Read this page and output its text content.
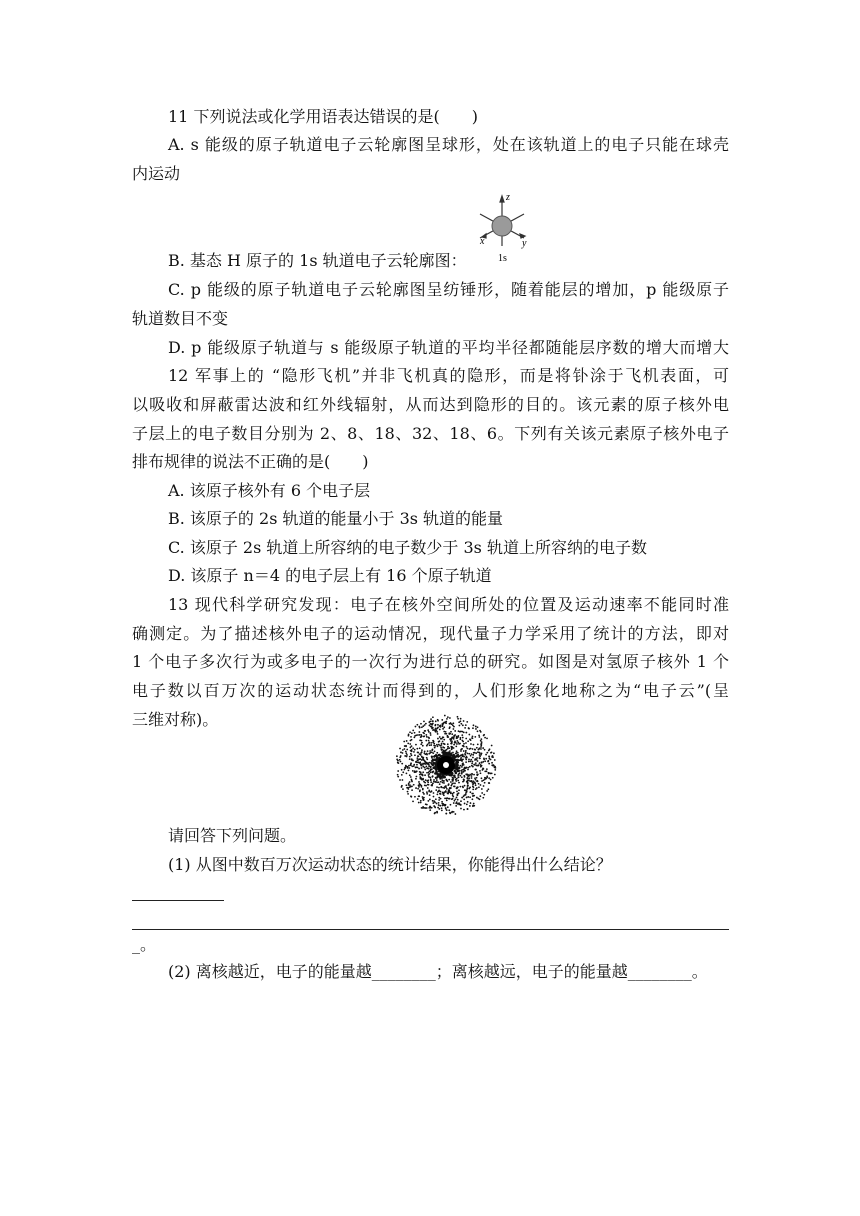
11 下列说法或化学用语表达错误的是(　　)
A. s 能级的原子轨道电子云轮廓图呈球形，处在该轨道上的电子只能在球壳
内运动
z
x	y
1s
B. 基态 H 原子的 1s 轨道电子云轮廓图：
C. p 能级的原子轨道电子云轮廓图呈纺锤形，随着能层的增加，p 能级原子
轨道数目不变
D. p 能级原子轨道与 s 能级原子轨道的平均半径都随能层序数的增大而增大
12 军事上的 “隐形飞机”并非飞机真的隐形，而是将钋涂于飞机表面，可
以吸收和屏蔽雷达波和红外线辐射，从而达到隐形的目的。该元素的原子核外电
子层上的电子数目分别为 2、8、18、32、18、6。下列有关该元素原子核外电子
排布规律的说法不正确的是(　　)
A. 该原子核外有 6 个电子层
B. 该原子的 2s 轨道的能量小于 3s 轨道的能量
C. 该原子 2s 轨道上所容纳的电子数少于 3s 轨道上所容纳的电子数
D. 该原子 n＝4 的电子层上有 16 个原子轨道
13 现代科学研究发现：电子在核外空间所处的位置及运动速率不能同时准
确测定。为了描述核外电子的运动情况，现代量子力学采用了统计的方法，即对
1 个电子多次行为或多电子的一次行为进行总的研究。如图是对氢原子核外 1 个
电子数以百万次的运动状态统计而得到的，人们形象化地称之为“电子云”(呈
三维对称)。
请回答下列问题。
(1) 从图中数百万次运动状态的统计结果，你能得出什么结论？
_。
(2) 离核越近，电子的能量越________；离核越远，电子的能量越________。
